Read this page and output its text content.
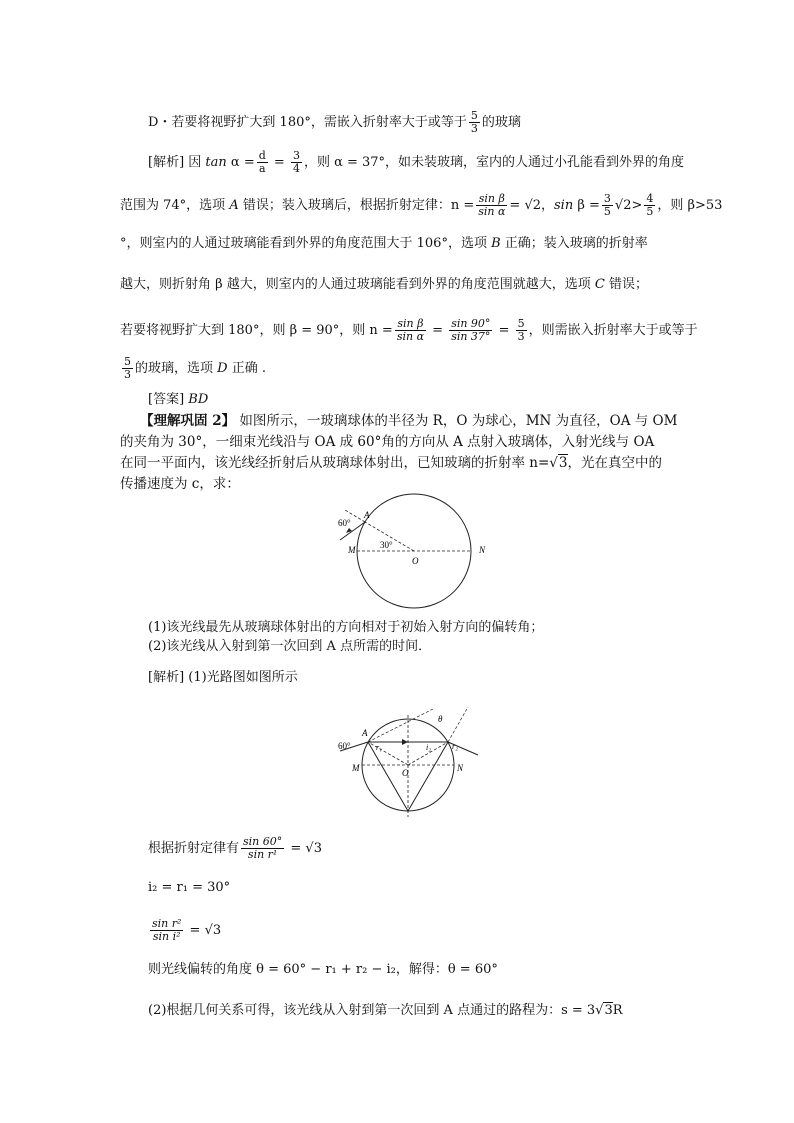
D・若要将视野扩大到 180°，需嵌入折射率大于或等于 $\frac{5}{3}$ 的玻璃
[解析] 因 $\tan \alpha = \frac{d}{a} = \frac{3}{4}$ ，则 α = 37°，如未装玻璃，室内的人通过小孔能看到外界的角度
范围为 74°，选项 A 错误；装入玻璃后，根据折射定律：$n = \frac{\text{sin β}}{\text{sin α}} = √2$，$\sin \beta = \frac{3}{5} √2> \frac{4}{5}$ ，则 β>53
°，则室内的人通过玻璃能看到外界的角度范围大于 106°，选项 B 正确；装入玻璃的折射率
越大，则折射角 β 越大，则室内的人通过玻璃能看到外界的角度范围就越大，选项 C 错误；
若要将视野扩大到 180°，则 β = 90°，则 $n = \frac{\text{sin β}}{\text{sin α}} = \frac{\sin 90^\circ}{\sin 37^\circ} = \frac{5}{3}$ ，则需嵌入折射率大于或等于
$\frac{5}{3}$ 的玻璃，选项 D 正确 .
[答案] BD
【理解巩固 2】 如图所示，一玻璃球体的半径为 R，O 为球心，MN 为直径，OA 与 OM
的夹角为 30°，一细束光线沿与 OA 成 60°角的方向从 A 点射入玻璃体，入射光线与 OA
在同一平面内，该光线经折射后从玻璃球体射出，已知玻璃的折射率 n=√3，光在真空中的
传播速度为 c，求：
60°
A
30°
M
O
N
(1)该光线最先从玻璃球体射出的方向相对于初始入射方向的偏转角；
(2)该光线从入射到第一次回到 A 点所需的时间．
[解析] (1)光路图如图所示
60°
A
θ
r₁	i₂	r₂
M	O	N
根据折射定律有 $\frac{\sin 60^\circ}{\text{sin r¹}} = √3$
i₂ = r₁ = 30°
$\frac{\text{sin r²}}{\text{sin i²}} = √3$
则光线偏转的角度 θ = 60° − r₁ + r₂ − i₂，解得：θ = 60°
(2)根据几何关系可得，该光线从入射到第一次回到 A 点通过的路程为：s = 3√3R
